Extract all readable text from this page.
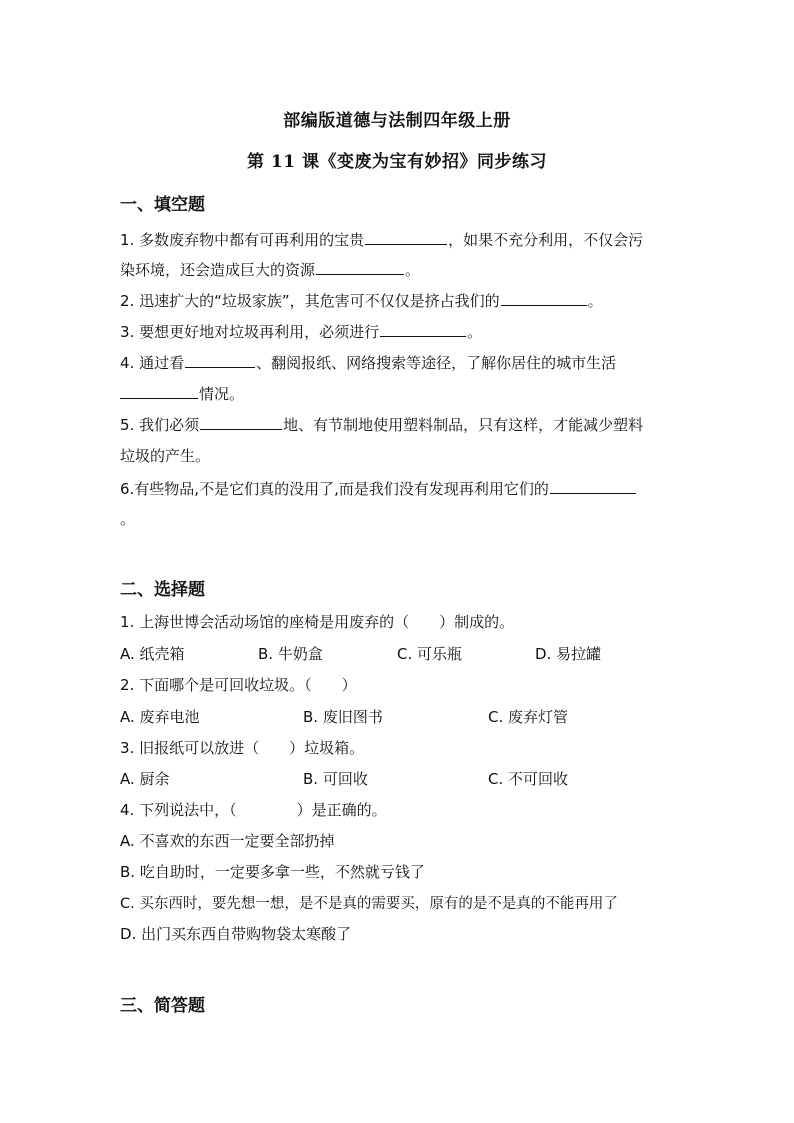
部编版道德与法制四年级上册
第 11 课《变废为宝有妙招》同步练习
一、填空题
1. 多数废弃物中都有可再利用的宝贵	，如果不充分利用，不仅会污
染环境，还会造成巨大的资源	。
2. 迅速扩大的“垃圾家族”，其危害可不仅仅是挤占我们的	。
3. 要想更好地对垃圾再利用，必须进行	。
4. 通过看	、翻阅报纸、网络搜索等途径，了解你居住的城市生活
情况。
5. 我们必须	地、有节制地使用塑料制品，只有这样，才能减少塑料
垃圾的产生。
6.有些物品,不是它们真的没用了,而是我们没有发现再利用它们的
。
二、选择题
1. 上海世博会活动场馆的座椅是用废弃的（　　）制成的。
A. 纸壳箱	B. 牛奶盒	C. 可乐瓶	D. 易拉罐
2. 下面哪个是可回收垃圾。（　　）
A. 废弃电池	B. 废旧图书	C. 废弃灯管
3. 旧报纸可以放进（　　）垃圾箱。
A. 厨余	B. 可回收	C. 不可回收
4. 下列说法中，（　　　　）是正确的。
A. 不喜欢的东西一定要全部扔掉
B. 吃自助时，一定要多拿一些，不然就亏钱了
C. 买东西时，要先想一想，是不是真的需要买，原有的是不是真的不能再用了
D. 出门买东西自带购物袋太寒酸了
三、简答题
